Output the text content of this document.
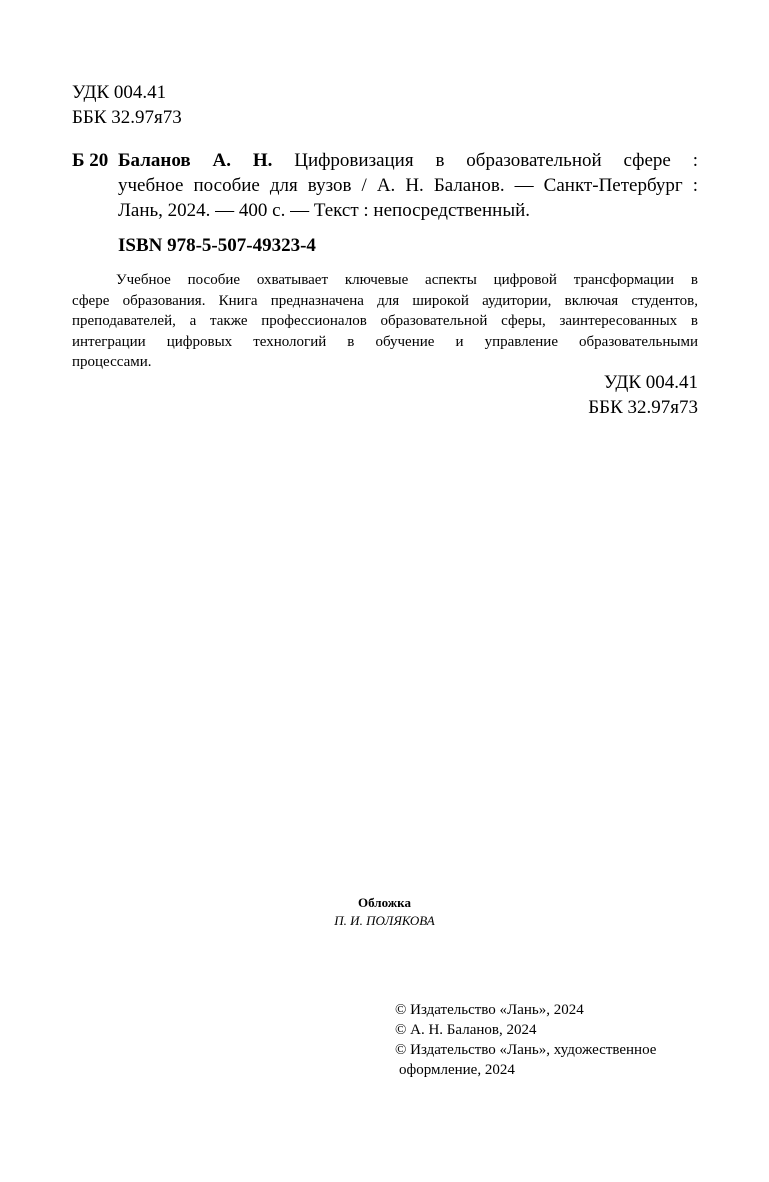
УДК 004.41
ББК 32.97я73
Б 20 Баланов А. Н. Цифровизация в образовательной сфере :
учебное пособие для вузов / А. Н. Баланов. — Санкт-Петербург :
Лань, 2024. — 400 с. — Текст : непосредственный.
ISBN 978-5-507-49323-4
Учебное пособие охватывает ключевые аспекты цифровой трансформации в
сфере образования. Книга предназначена для широкой аудитории, включая студентов,
преподавателей, а также профессионалов образовательной сферы, заинтересованных в
интеграции цифровых технологий в обучение и управление образовательными
процессами.
УДК 004.41
ББК 32.97я73
Обложка
П. И. ПОЛЯКОВА
© Издательство «Лань», 2024
© А. Н. Баланов, 2024
© Издательство «Лань», художественное
оформление, 2024
